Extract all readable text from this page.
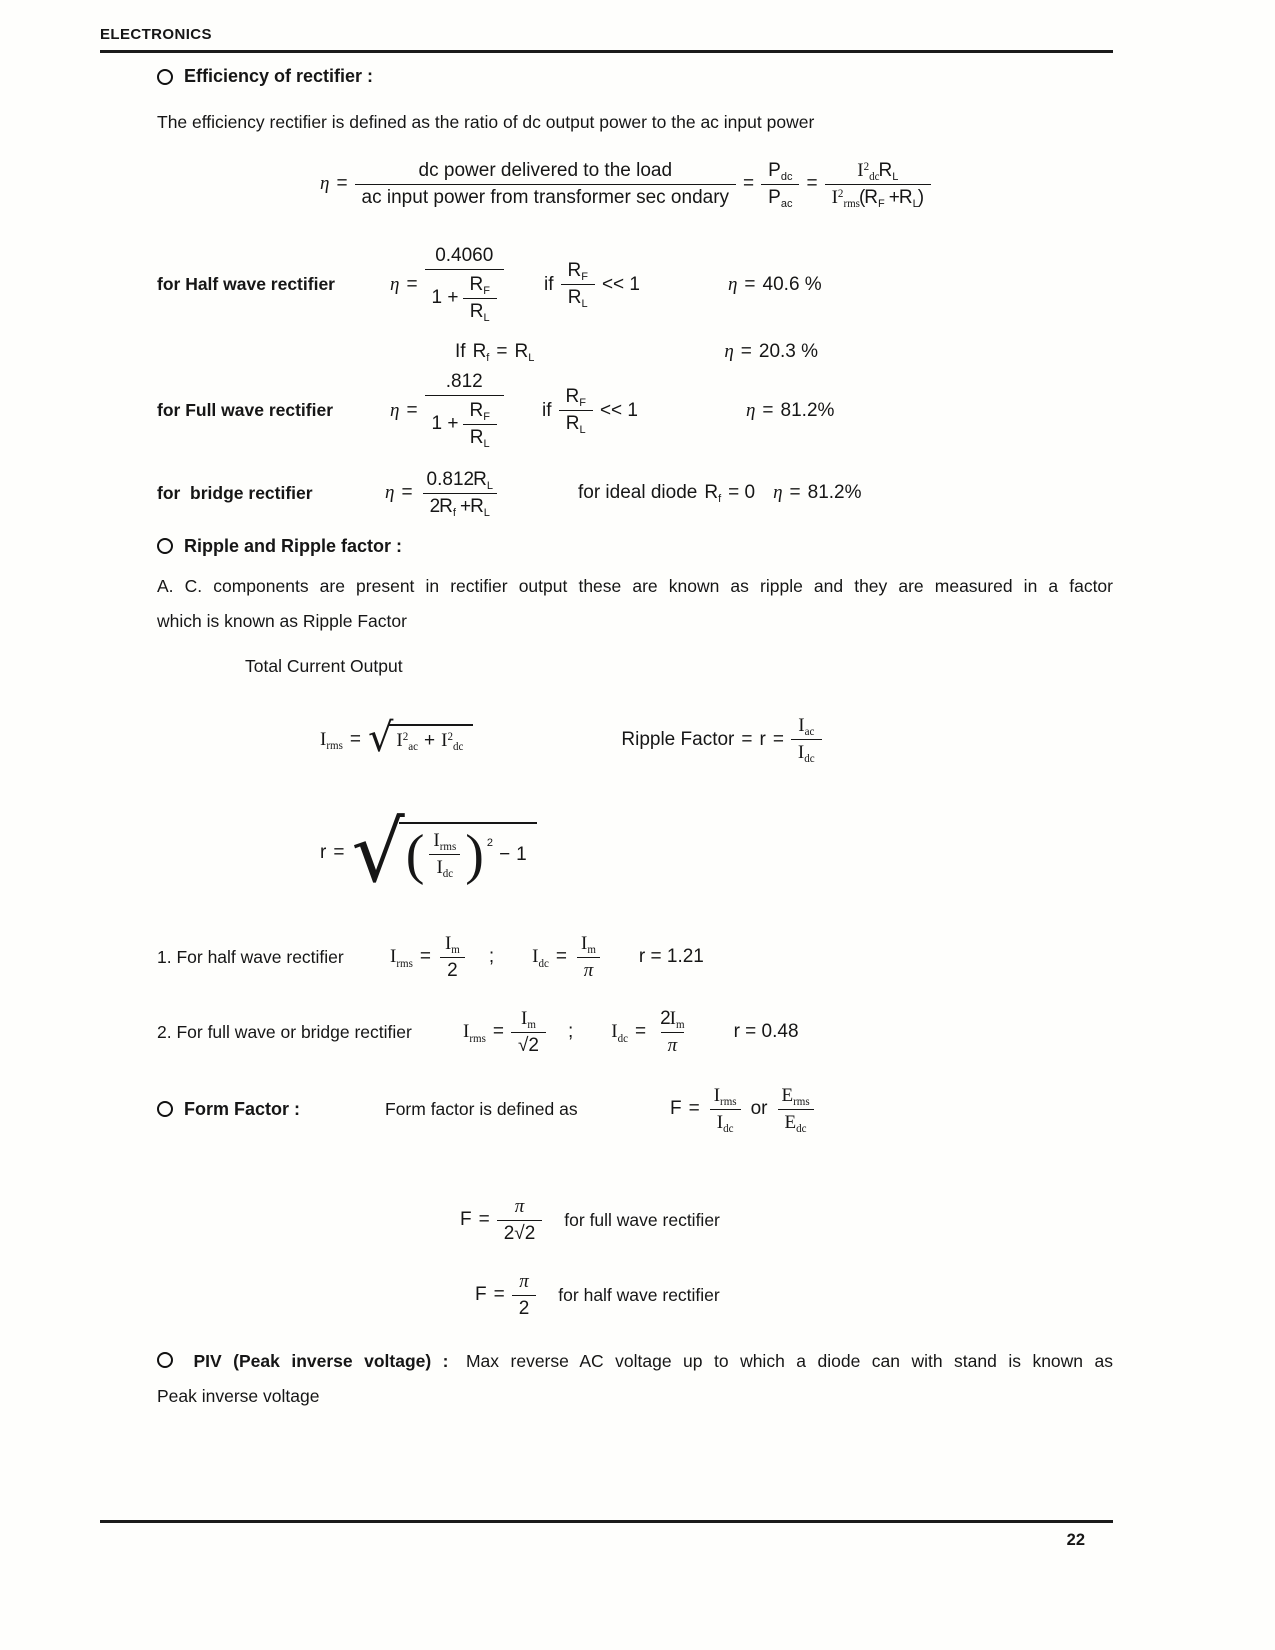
ELECTRONICS
Efficiency of rectifier :

The efficiency rectifier is defined as the ratio of dc output power to the ac input power

$\eta = \frac{\text{dc power delivered to the load}}{\text{ac input power from transformer sec ondary}} = \frac{P_{dc}}{P_{ac}} = \frac{I^2_{dc} R_L}{I^2_{rms} ( R_F + R_L )}$
for Half wave rectifier	$\eta = \frac{0.4060}{1 + \frac{R_F}{R_L}}$ if $\frac{R_F}{R_L} << 1$	η = 40.6 %
If $R_f = R_L$	η = 20.3 %
for Full wave rectifier	$\eta = \frac{.812}{1 + \frac{R_F}{R_L}}$ if $\frac{R_F}{R_L} << 1$	η = 81.2%
for  bridge rectifier	$\eta = \frac{0.812 R_L}{2 R_f + R_L}$	for ideal diode $R_f = 0$ η = 81.2%
Ripple and Ripple factor :

A. C. components are present in rectifier output these are known as ripple and they are measured in a factor
which is known as Ripple Factor

Total Current Output
$I_{rms}$ = √ $I^2_{ac} + I^2_{dc}$	Ripple Factor = $r = \frac{I_{ac}}{I_{dc}}$
r = √ ( $\frac{I_{rms}}{I_{dc}}$ ) $^2$
− 1
1. For half wave rectifier	$I_{rms} = \frac{I_m}{2}$ ; $I_{dc} = \frac{I_m}{\pi}$ r = 1.21
2. For full wave or bridge rectifier	$I_{rms} = \frac{I_m}{√2}$ ; $I_{dc} = \frac{2 I_m}{\pi}$ r = 0.48
Form Factor :	Form factor is defined as	$F = \frac{I_{rms}}{I_{dc}}$ or $\frac{E_{rms}}{E_{dc}}$
$F = \frac{\pi}{2√2}$ for full wave rectifier
$F = \frac{\pi}{2}$ for half wave rectifier

PIV (Peak inverse voltage) : Max reverse AC voltage up to which a diode can with stand is known as
Peak inverse voltage

22
